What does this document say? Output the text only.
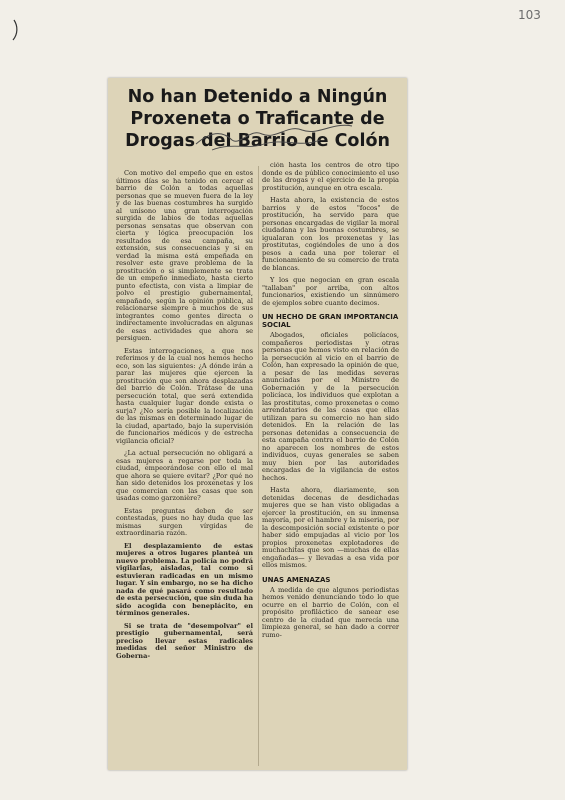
103
No han Detenido a Ningún Proxeneta o Traficante de Drogas del Barrio de Colón

Con motivo del empeño que en estos últimos días se ha tenido en cercar el barrio de Colón a todas aquellas personas que se mueven fuera de la ley y de las buenas costumbres ha surgido al unísono una gran interrogación surgida de labios de todas aquellas personas sensatas que observan con cierta y lógica preocupación los resultados de esa campaña, su extensión, sus consecuencias y si en verdad la misma está empeñada en resolver este grave problema de la prostitución o si simplemente se trata de un empeño inmediato, hasta cierto punto efectista, con vista a limpiar de polvo el prestigio gubernamental, empañado, según la opinión pública, al relacionarse siempre a muchos de sus integrantes como gentes directa o indirectamente involucradas en algunas de esas actividades que ahora se persiguen.

Estas interrogaciones, a que nos referimos y de la cual nos hemos hecho eco, son las siguientes: ¿A dónde irán a parar las mujeres que ejercen la prostitución que son ahora desplazadas del barrio de Colón. Trátase de una persecución total, que será extendida hasta cualquier lugar donde exista o surja? ¿No sería posible la localización de las mismas en determinado lugar de la ciudad, apartado, bajo la supervisión de funcionarios médicos y de estrecha vigilancia oficial?

¿La actual persecución no obligará a esas mujeres a regarse por toda la ciudad, empeorándose con ello el mal que ahora se quiere evitar? ¿Por qué no han sido detenidos los proxenetas y los que comercian con las casas que son usadas como garzonière?

Estas preguntas deben de ser contestadas, pues no hay duda que las mismas surgen vírgidas de extraordinaria razón.

El desplazamiento de estas mujeres a otros lugares planteá un nuevo problema. La policía no podrá vigilarlas, aisladas, tal como si estuvieran radicadas en un mismo lugar. Y sin embargo, no se ha dicho nada de qué pasará como resultado de esta persecución, que sin duda ha sido acogida con beneplácito, en términos generales.

Si se trata de "desempolvar" el prestigio gubernamental, será preciso llevar estas radicales medidas del señor Ministro de Goberna-

ción hasta los centros de otro tipo donde es de público conocimiento el uso de las drogas y el ejercicio de la propia prostitución, aunque en otra escala.

Hasta ahora, la existencia de estos barrios y de estos "focos" de prostitución, ha servido para que personas encargadas de vigilar la moral ciudadana y las buenas costumbres, se igualaran con los proxenetas y las prostitutas, cogiéndoles de uno a dos pesos a cada una por tolerar el funcionamiento de su comercio de trata de blancas.

Y los que negocian en gran escala "tallaban" por arriba, con altos funcionarios, existiendo un sinnúmero de ejemplos sobre cuanto decimos.

UN HECHO DE GRAN IMPORTANCIA SOCIAL

Abogados, oficiales policíacos, compañeros periodistas y otras personas que hemos visto en relación de la persecución al vicio en el barrio de Colón, han expresado la opinión de que, a pesar de las medidas severas anunciadas por el Ministro de Gobernación y de la persecución policíaca, los individuos que explotan a las prostitutas, como proxenetas o como arrendatarios de las casas que ellas utilizan para su comercio no han sido detenidos. En la relación de las personas detenidas a consecuencia de esta campaña contra el barrio de Colón no aparecen los nombres de estos individuos, cuyas generales se saben muy bien por las autoridades encargadas de la vigilancia de estos hechos.

Hasta ahora, diariamente, son detenidas decenas de desdichadas mujeres que se han visto obligadas a ejercer la prostitución, en su inmensa mayoría, por el hambre y la miseria, por la descomposición social existente o por haber sido empujadas al vicio por los propios proxenetas explotadores de muchachitas que son —muchas de ellas engañadas— y llevadas a esa vida por ellos mismos.

UNAS AMENAZAS

A medida de que algunos periodistas hemos venido denunciando todo lo que ocurre en el barrio de Colón, con el propósito profiláctico de sanear ese centro de la ciudad que merecía una limpieza general, se han dado a correr rumo-
